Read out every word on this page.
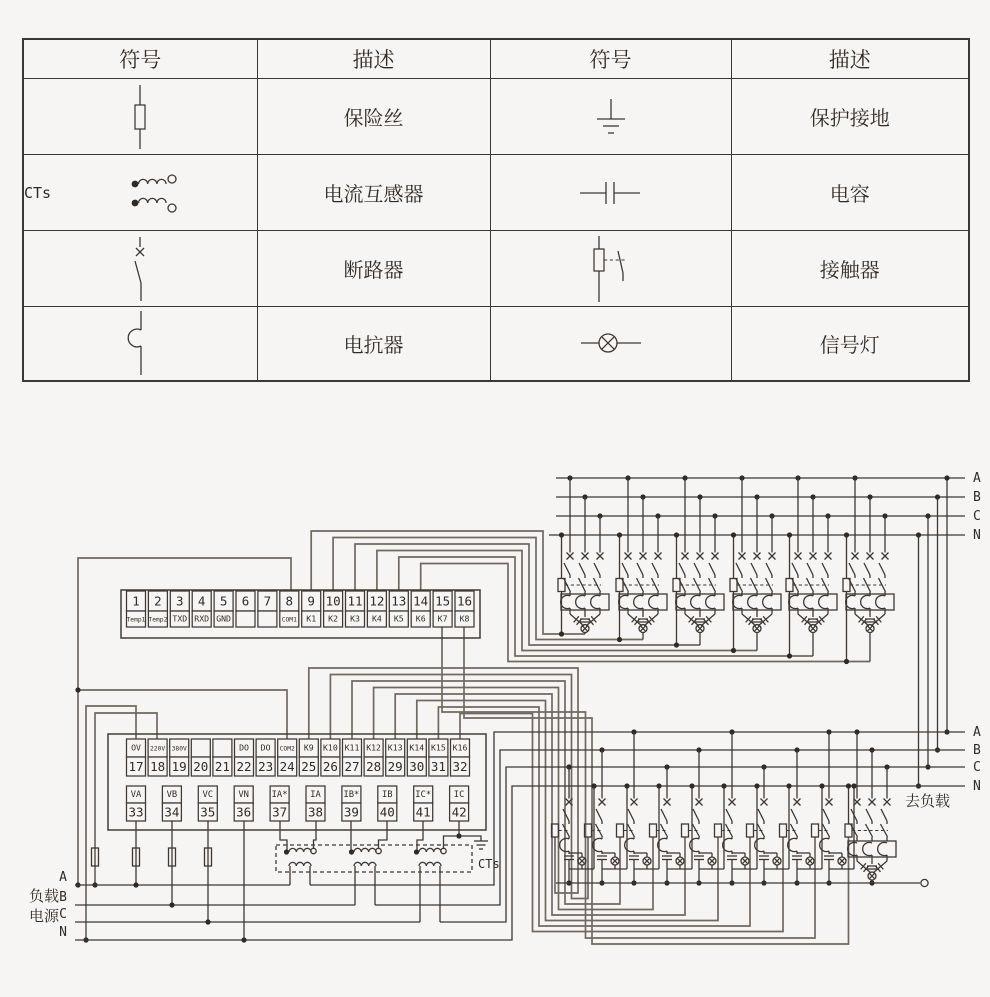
A
B
C
N
A
B
C
N
A
B
C
N
负载
电源
去负载
CTs
1
Temp1
2
Temp2
3
TXD
4
RXD
5
GND
6 7 8
COM1
9
K1
10
K2
11
K3
12
K4
13
K5
14
K6
15
K7
16
K8
OV
17
220V
18
380V
19 20 21
DO
22
DO
23
COM2
24
K9
25
K10
26
K11
27
K12
28
K13
29
K14
30
K15
31
K16
32
VA
33
VB
34
VC
35
VN
36
IA*
37
IA
38
IB*
39
IB
40
IC*
41
IC
42
符号	描述	符号	描述

	保险丝		保护接地

CTs	电流互感器		电容

	断路器		接触器

	电抗器		信号灯
